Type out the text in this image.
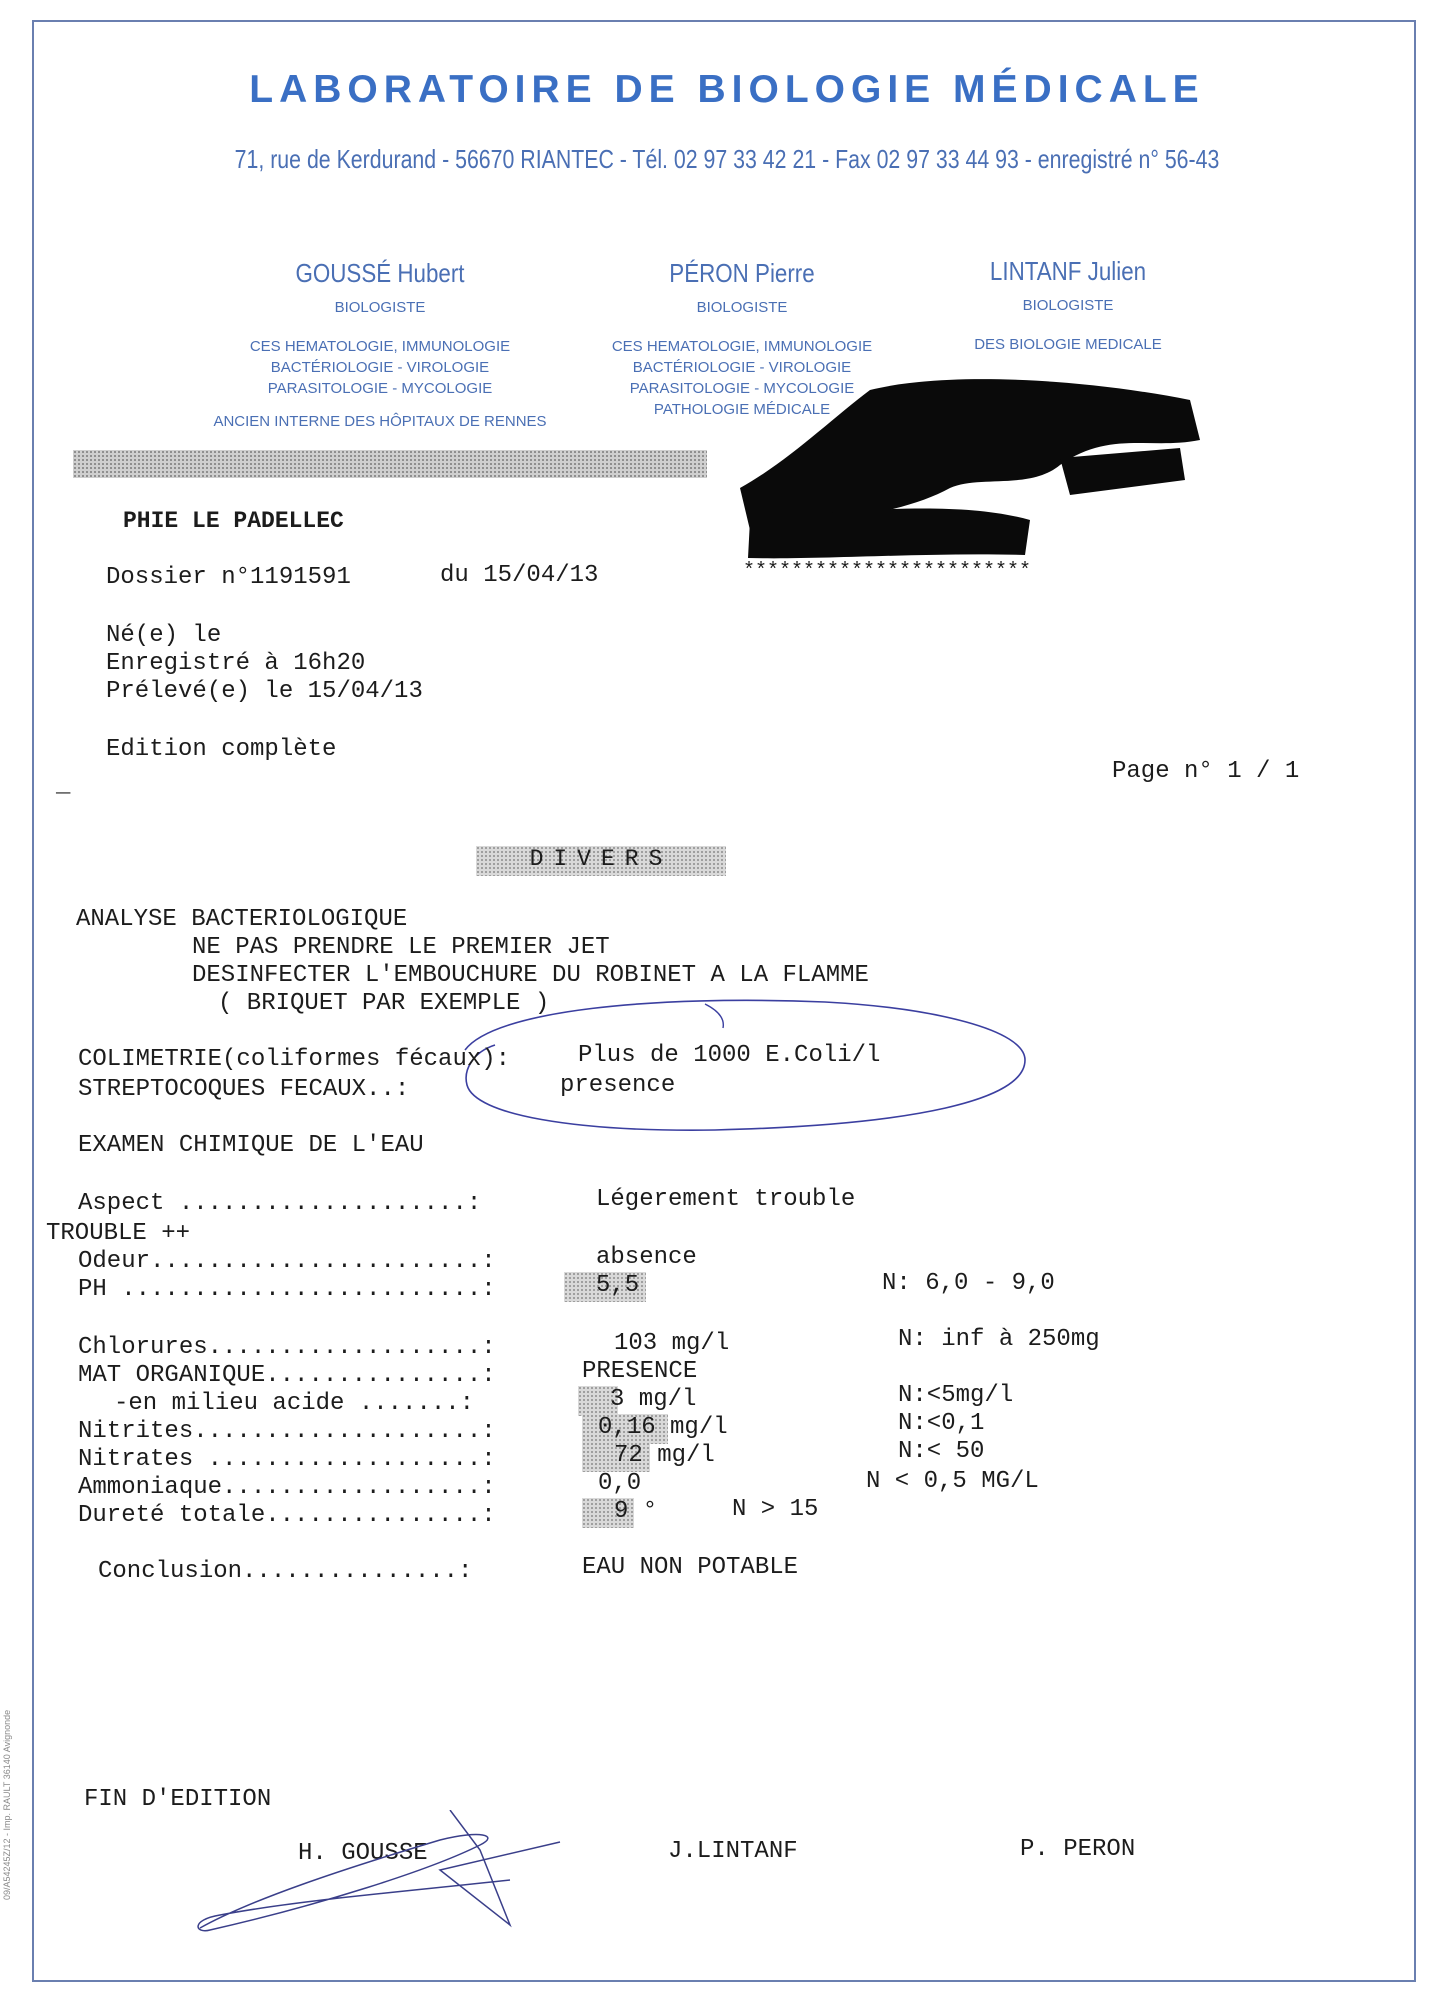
LABORATOIRE DE BIOLOGIE MÉDICALE
71, rue de Kerdurand - 56670 RIANTEC - Tél. 02 97 33 42 21 - Fax 02 97 33 44 93 - enregistré n° 56-43
GOUSSÉ Hubert
BIOLOGISTE
CES HEMATOLOGIE, IMMUNOLOGIE
BACTÉRIOLOGIE - VIROLOGIE
PARASITOLOGIE - MYCOLOGIE
ANCIEN INTERNE DES HÔPITAUX DE RENNES
PÉRON Pierre
BIOLOGISTE
CES HEMATOLOGIE, IMMUNOLOGIE
BACTÉRIOLOGIE - VIROLOGIE
PARASITOLOGIE - MYCOLOGIE
PATHOLOGIE MÉDICALE
LINTANF Julien
BIOLOGISTE
DES BIOLOGIE MEDICALE
PHIE LE PADELLEC
Dossier n°1191591	du 15/04/13	************************
Né(e) le
Enregistré à 16h20
Prélevé(e) le 15/04/13
Edition complète
Page n° 1 / 1
_
DIVERS
ANALYSE BACTERIOLOGIQUE
NE PAS PRENDRE LE PREMIER JET
DESINFECTER L'EMBOUCHURE DU ROBINET A LA FLAMME
( BRIQUET PAR EXEMPLE )
COLIMETRIE(coliformes fécaux):	Plus de 1000 E.Coli/l
STREPTOCOQUES FECAUX..:	presence
EXAMEN CHIMIQUE DE L'EAU
Aspect ....................:	Légerement trouble
TROUBLE ++
Odeur.......................:	absence
PH .........................:	5,5	N: 6,0 - 9,0
Chlorures...................:	103 mg/l	N: inf à 250mg
MAT ORGANIQUE...............:	PRESENCE
-en milieu acide .......:	3 mg/l	N:<5mg/l
Nitrites....................:	0,16 mg/l	N:<0,1
Nitrates ...................:	72 mg/l	N:< 50
Ammoniaque..................:	0,0	N < 0,5 MG/L
Dureté totale...............:	9 °	N > 15
Conclusion...............:	EAU NON POTABLE
FIN D'EDITION
H. GOUSSE	J.LINTANF	P. PERON
09/A54245Z/12 - Imp. RAULT 36140 Avignonde
